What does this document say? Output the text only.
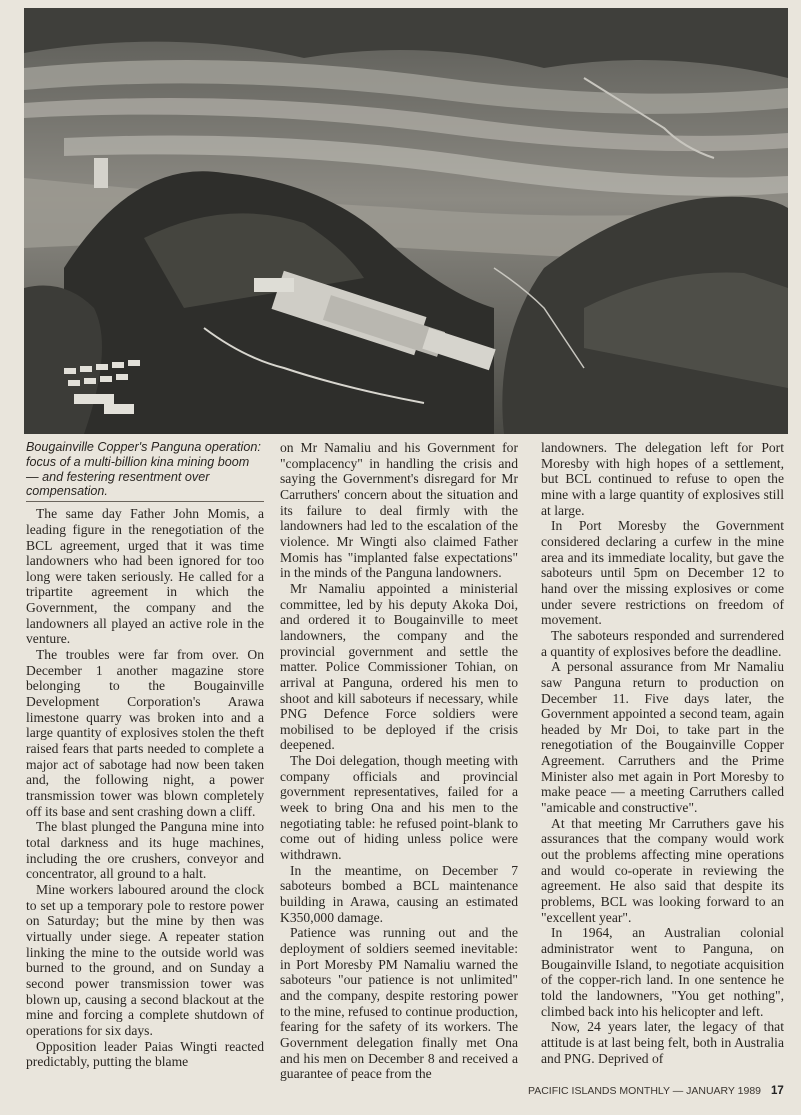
Bougainville Copper's Panguna operation: focus of a multi-billion kina mining boom — and festering resentment over compensation.

The same day Father John Momis, a leading figure in the renegotiation of the BCL agreement, urged that it was time landowners who had been ignored for too long were taken seriously. He called for a tripartite agreement in which the Government, the company and the landowners all played an active role in the venture.

The troubles were far from over. On December 1 another magazine store belonging to the Bougainville Development Corporation's Arawa limestone quarry was broken into and a large quantity of explosives stolen the theft raised fears that parts needed to complete a major act of sabotage had now been taken and, the following night, a power transmission tower was blown completely off its base and sent crashing down a cliff.

The blast plunged the Panguna mine into total darkness and its huge machines, including the ore crushers, conveyor and concentrator, all ground to a halt.

Mine workers laboured around the clock to set up a temporary pole to restore power on Saturday; but the mine by then was virtually under siege. A repeater station linking the mine to the outside world was burned to the ground, and on Sunday a second power transmission tower was blown up, causing a second blackout at the mine and forcing a complete shutdown of operations for six days.

Opposition leader Paias Wingti reacted predictably, putting the blame

on Mr Namaliu and his Government for "complacency" in handling the crisis and saying the Government's disregard for Mr Carruthers' concern about the situation and its failure to deal firmly with the landowners had led to the escalation of the violence. Mr Wingti also claimed Father Momis has "implanted false expectations" in the minds of the Panguna landowners.

Mr Namaliu appointed a ministerial committee, led by his deputy Akoka Doi, and ordered it to Bougainville to meet landowners, the company and the provincial government and settle the matter. Police Commissioner Tohian, on arrival at Panguna, ordered his men to shoot and kill saboteurs if necessary, while PNG Defence Force soldiers were mobilised to be deployed if the crisis deepened.

The Doi delegation, though meeting with company officials and provincial government representatives, failed for a week to bring Ona and his men to the negotiating table: he refused point-blank to come out of hiding unless police were withdrawn.

In the meantime, on December 7 saboteurs bombed a BCL maintenance building in Arawa, causing an estimated K350,000 damage.

Patience was running out and the deployment of soldiers seemed inevitable: in Port Moresby PM Namaliu warned the saboteurs "our patience is not unlimited" and the company, despite restoring power to the mine, refused to continue production, fearing for the safety of its workers. The Government delegation finally met Ona and his men on December 8 and received a guarantee of peace from the

landowners. The delegation left for Port Moresby with high hopes of a settlement, but BCL continued to refuse to open the mine with a large quantity of explosives still at large.

In Port Moresby the Government considered declaring a curfew in the mine area and its immediate locality, but gave the saboteurs until 5pm on December 12 to hand over the missing explosives or come under severe restrictions on freedom of movement.

The saboteurs responded and surrendered a quantity of explosives before the deadline.

A personal assurance from Mr Namaliu saw Panguna return to production on December 11. Five days later, the Government appointed a second team, again headed by Mr Doi, to take part in the renegotiation of the Bougainville Copper Agreement. Carruthers and the Prime Minister also met again in Port Moresby to make peace — a meeting Carruthers called "amicable and constructive".

At that meeting Mr Carruthers gave his assurances that the company would work out the problems affecting mine operations and would co-operate in reviewing the agreement. He also said that despite its problems, BCL was looking forward to an "excellent year".

In 1964, an Australian colonial administrator went to Panguna, on Bougainville Island, to negotiate acquisition of the copper-rich land. In one sentence he told the landowners, "You get nothing", climbed back into his helicopter and left.

Now, 24 years later, the legacy of that attitude is at last being felt, both in Australia and PNG. Deprived of

PACIFIC ISLANDS MONTHLY — JANUARY 1989 17
